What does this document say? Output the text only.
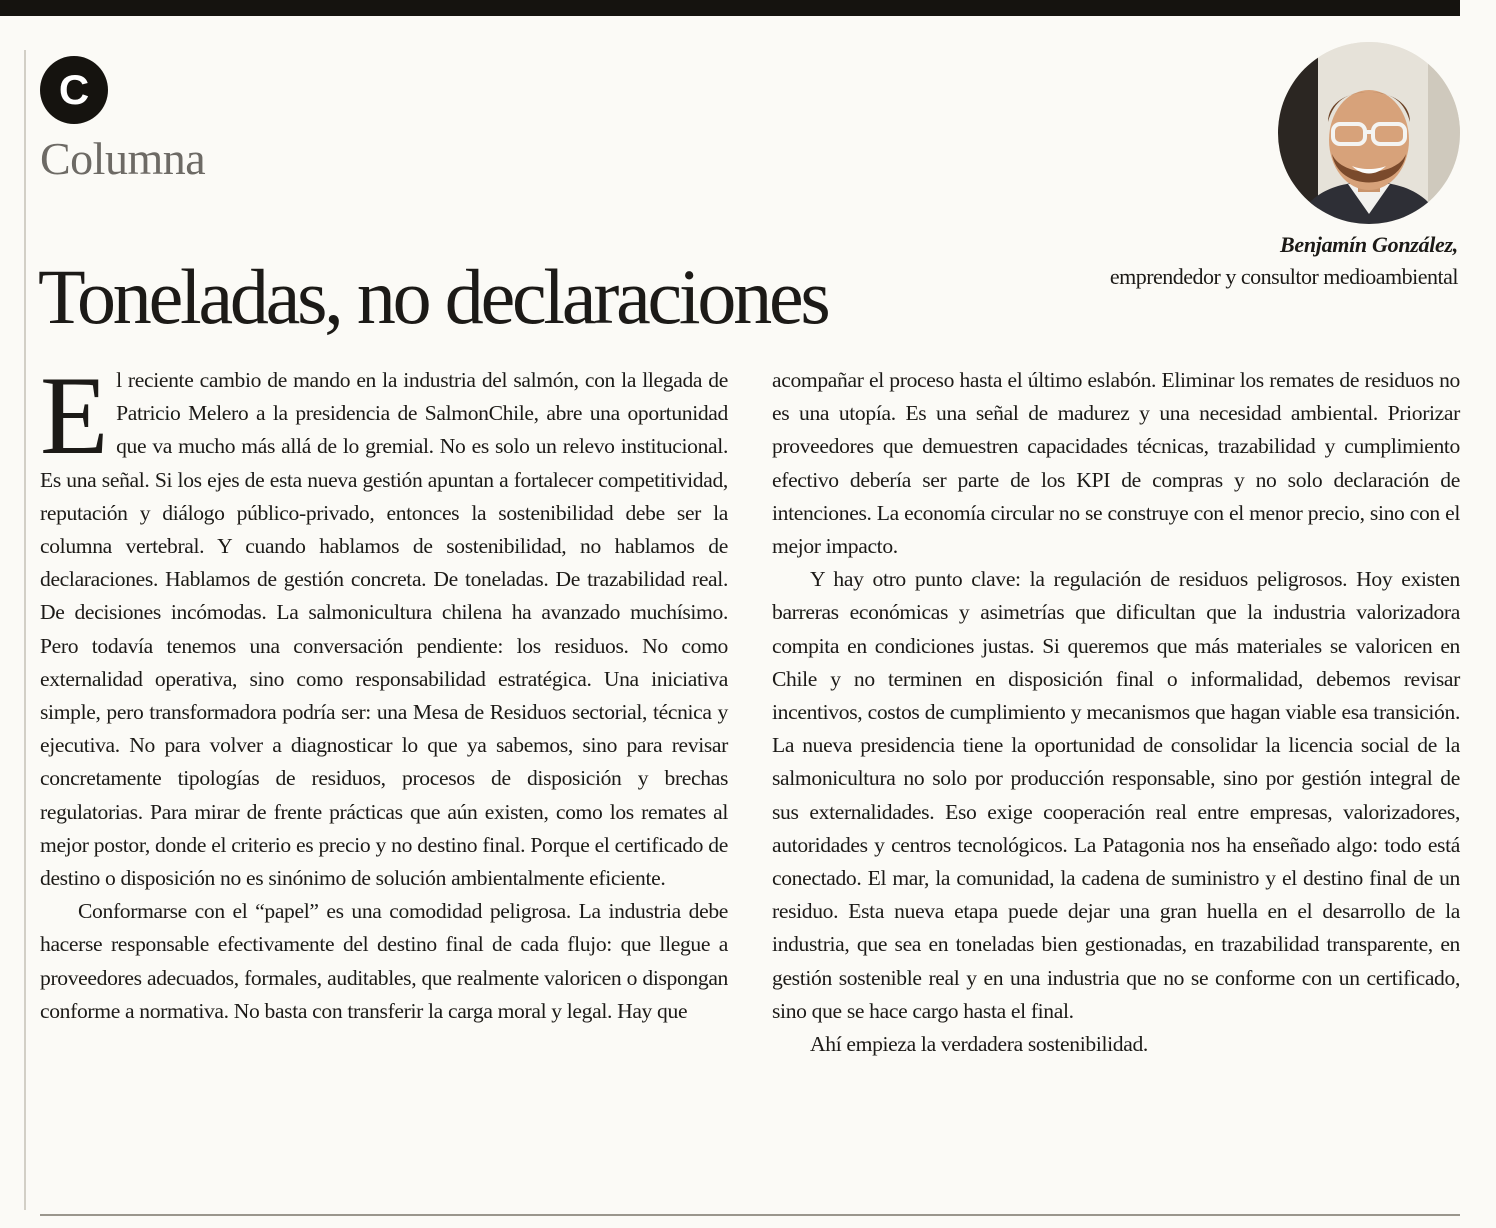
C
Columna
Toneladas, no declaraciones
Benjamín González,
emprendedor y consultor medioambiental

El reciente cambio de mando en la industria del salmón, con la llegada de Patricio Melero a la presidencia de SalmonChile, abre una oportunidad que va mucho más allá de lo gremial. No es solo un relevo institucional. Es una señal. Si los ejes de esta nueva gestión apuntan a fortalecer competitividad, reputación y diálogo público-privado, entonces la sostenibilidad debe ser la columna vertebral. Y cuando hablamos de sostenibilidad, no hablamos de declaraciones. Hablamos de gestión concreta. De toneladas. De trazabilidad real. De decisiones incómodas. La salmonicultura chilena ha avanzado muchísimo. Pero todavía tenemos una conversación pendiente: los residuos. No como externalidad operativa, sino como responsabilidad estratégica. Una iniciativa simple, pero transformadora podría ser: una Mesa de Residuos sectorial, técnica y ejecutiva. No para volver a diagnosticar lo que ya sabemos, sino para revisar concretamente tipologías de residuos, procesos de disposición y brechas regulatorias. Para mirar de frente prácticas que aún existen, como los remates al mejor postor, donde el criterio es precio y no destino final. Porque el certificado de destino o disposición no es sinónimo de solución ambientalmente eficiente.

Conformarse con el “papel” es una comodidad peligrosa. La industria debe hacerse responsable efectivamente del destino final de cada flujo: que llegue a proveedores adecuados, formales, auditables, que realmente valoricen o dispongan conforme a normativa. No basta con transferir la carga moral y legal. Hay que

acompañar el proceso hasta el último eslabón. Eliminar los remates de residuos no es una utopía. Es una señal de madurez y una necesidad ambiental. Priorizar proveedores que demuestren capacidades técnicas, trazabilidad y cumplimiento efectivo debería ser parte de los KPI de compras y no solo declaración de intenciones. La economía circular no se construye con el menor precio, sino con el mejor impacto.

Y hay otro punto clave: la regulación de residuos peligrosos. Hoy existen barreras económicas y asimetrías que dificultan que la industria valorizadora compita en condiciones justas. Si queremos que más materiales se valoricen en Chile y no terminen en disposición final o informalidad, debemos revisar incentivos, costos de cumplimiento y mecanismos que hagan viable esa transición. La nueva presidencia tiene la oportunidad de consolidar la licencia social de la salmonicultura no solo por producción responsable, sino por gestión integral de sus externalidades. Eso exige cooperación real entre empresas, valorizadores, autoridades y centros tecnológicos. La Patagonia nos ha enseñado algo: todo está conectado. El mar, la comunidad, la cadena de suministro y el destino final de un residuo. Esta nueva etapa puede dejar una gran huella en el desarrollo de la industria, que sea en toneladas bien gestionadas, en trazabilidad transparente, en gestión sostenible real y en una industria que no se conforme con un certificado, sino que se hace cargo hasta el final.

Ahí empieza la verdadera sostenibilidad.
